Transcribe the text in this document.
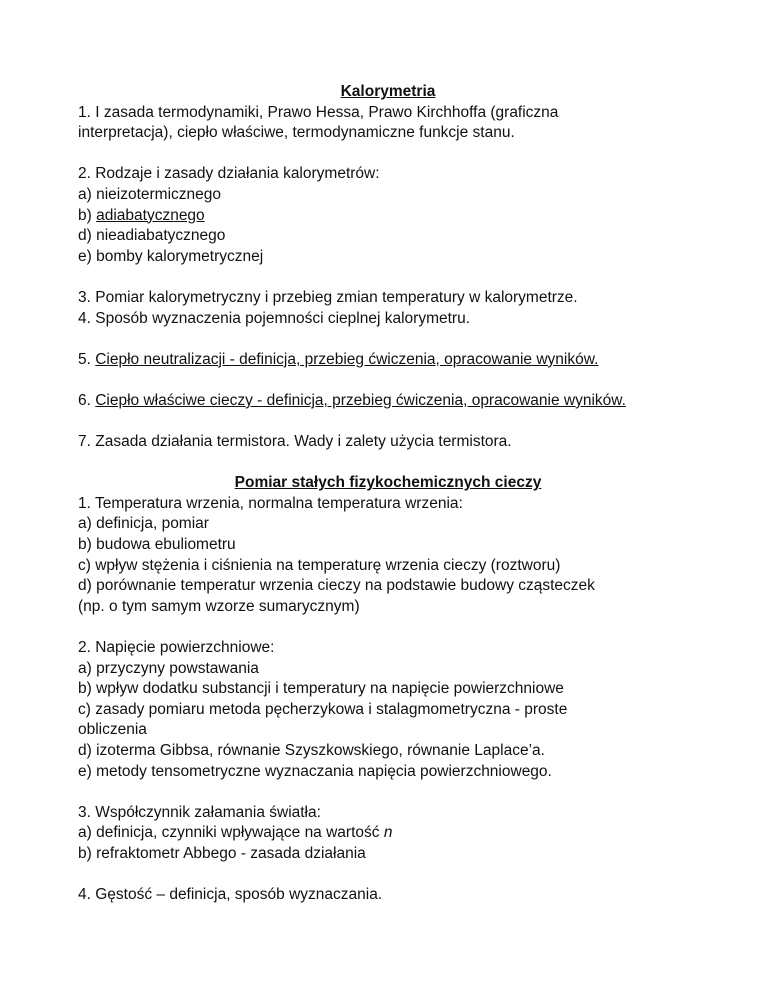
Kalorymetria
1. I zasada termodynamiki, Prawo Hessa, Prawo Kirchhoffa (graficzna
interpretacja), ciepło właściwe, termodynamiczne funkcje stanu.
2. Rodzaje i zasady działania kalorymetrów:
a) nieizotermicznego
b) adiabatycznego
d) nieadiabatycznego
e) bomby kalorymetrycznej
3. Pomiar kalorymetryczny i przebieg zmian temperatury w kalorymetrze.
4. Sposób wyznaczenia pojemności cieplnej kalorymetru.
5. Ciepło neutralizacji - definicja, przebieg ćwiczenia, opracowanie wyników.
6. Ciepło właściwe cieczy - definicja, przebieg ćwiczenia, opracowanie wyników.
7. Zasada działania termistora. Wady i zalety użycia termistora.
Pomiar stałych fizykochemicznych cieczy
1. Temperatura wrzenia, normalna temperatura wrzenia:
a) definicja, pomiar
b) budowa ebuliometru
c) wpływ stężenia i ciśnienia na temperaturę wrzenia cieczy (roztworu)
d) porównanie temperatur wrzenia cieczy na podstawie budowy cząsteczek
(np. o tym samym wzorze sumarycznym)
2. Napięcie powierzchniowe:
a) przyczyny powstawania
b) wpływ dodatku substancji i temperatury na napięcie powierzchniowe
c) zasady pomiaru metoda pęcherzykowa i stalagmometryczna - proste
obliczenia
d) izoterma Gibbsa, równanie Szyszkowskiego, równanie Laplace’a.
e) metody tensometryczne wyznaczania napięcia powierzchniowego.
3. Współczynnik załamania światła:
a) definicja, czynniki wpływające na wartość n
b) refraktometr Abbego - zasada działania
4. Gęstość – definicja, sposób wyznaczania.
